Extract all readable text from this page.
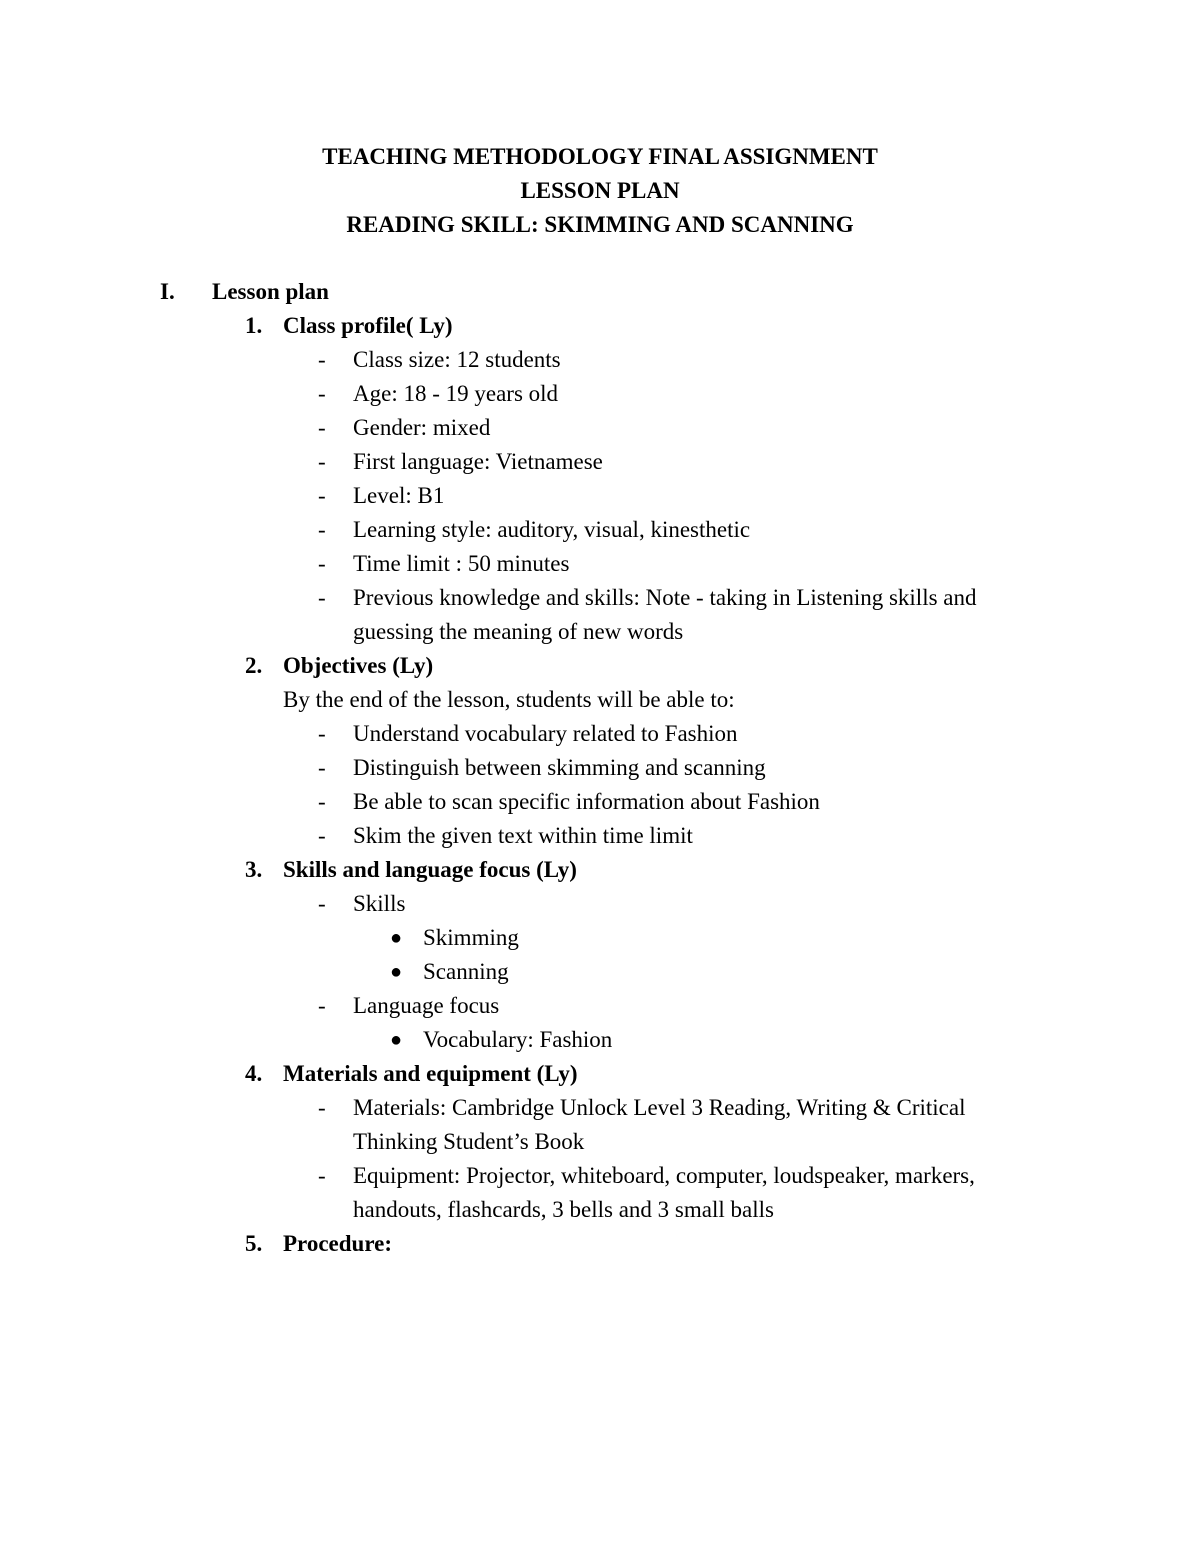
TEACHING METHODOLOGY FINAL ASSIGNMENT
LESSON PLAN
READING SKILL: SKIMMING AND SCANNING
I. Lesson plan
1. Class profile( Ly)
- Class size: 12 students
- Age: 18 - 19 years old
- Gender: mixed
- First language: Vietnamese
- Level: B1
- Learning style: auditory, visual, kinesthetic
- Time limit : 50 minutes
- Previous knowledge and skills: Note - taking in Listening skills and
guessing the meaning of new words
2. Objectives (Ly)
By the end of the lesson, students will be able to:
- Understand vocabulary related to Fashion
- Distinguish between skimming and scanning
- Be able to scan specific information about Fashion
- Skim the given text within time limit
3. Skills and language focus (Ly)
- Skills
● Skimming
● Scanning
- Language focus
● Vocabulary: Fashion
4. Materials and equipment (Ly)
- Materials: Cambridge Unlock Level 3 Reading, Writing & Critical
Thinking Student’s Book
- Equipment: Projector, whiteboard, computer, loudspeaker, markers,
handouts, flashcards, 3 bells and 3 small balls
5. Procedure:
